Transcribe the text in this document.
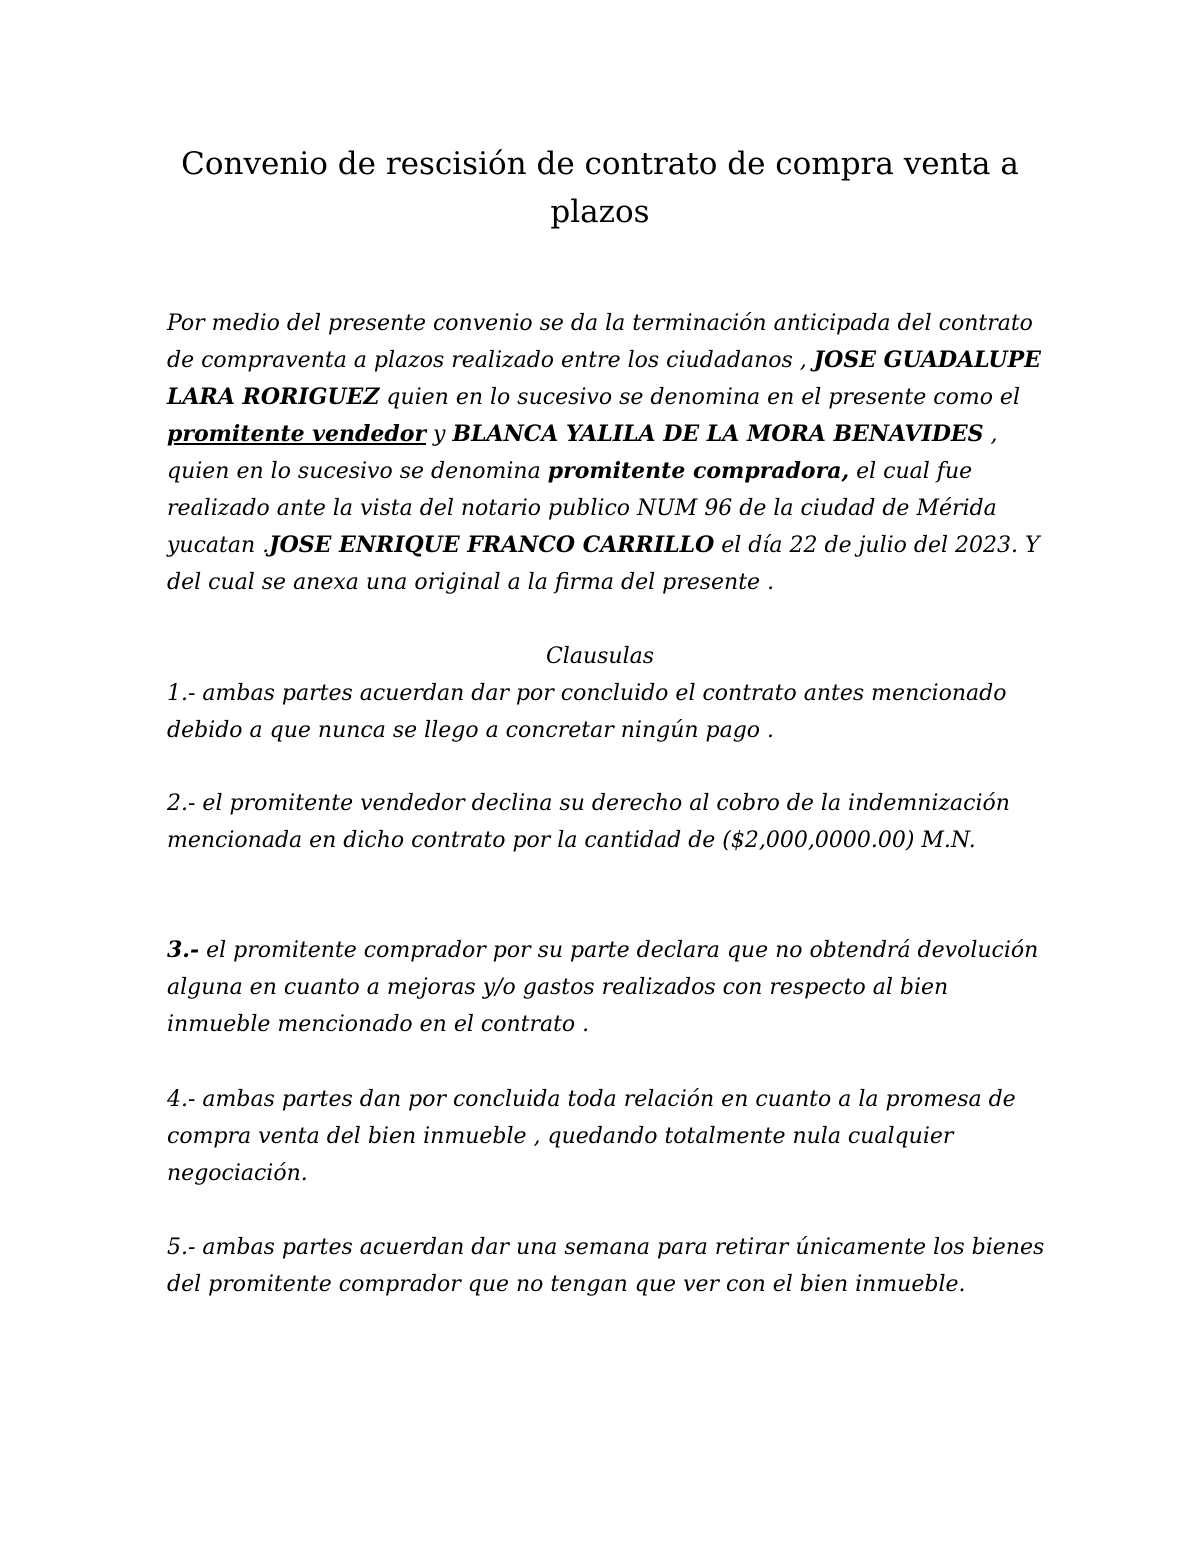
Convenio de rescisión de contrato de compra venta a plazos
Por medio del presente convenio se da la terminación anticipada del contrato de compraventa a plazos realizado entre los ciudadanos , JOSE GUADALUPE LARA RORIGUEZ quien en lo sucesivo se denomina en el presente como el promitente vendedor y BLANCA YALILA DE LA MORA BENAVIDES , quien en lo sucesivo se denomina promitente compradora, el cual fue realizado ante la vista del notario publico NUM 96 de la ciudad de Mérida yucatan .JOSE ENRIQUE FRANCO CARRILLO el día 22 de julio del 2023. Y del cual se anexa una original a la firma del presente .
Clausulas
1.- ambas partes acuerdan dar por concluido el contrato antes mencionado debido a que nunca se llego a concretar ningún pago .
2.- el promitente vendedor declina su derecho al cobro de la indemnización mencionada en dicho contrato por la cantidad de ($2,000,0000.00) M.N.
3.- el promitente comprador por su parte declara que no obtendrá devolución alguna en cuanto a mejoras y/o gastos realizados con respecto al bien inmueble mencionado en el contrato .
4.- ambas partes dan por concluida toda relación en cuanto a la promesa de compra venta del bien inmueble , quedando totalmente nula cualquier negociación.
5.- ambas partes acuerdan dar una semana para retirar únicamente los bienes del promitente comprador que no tengan que ver con el bien inmueble.
